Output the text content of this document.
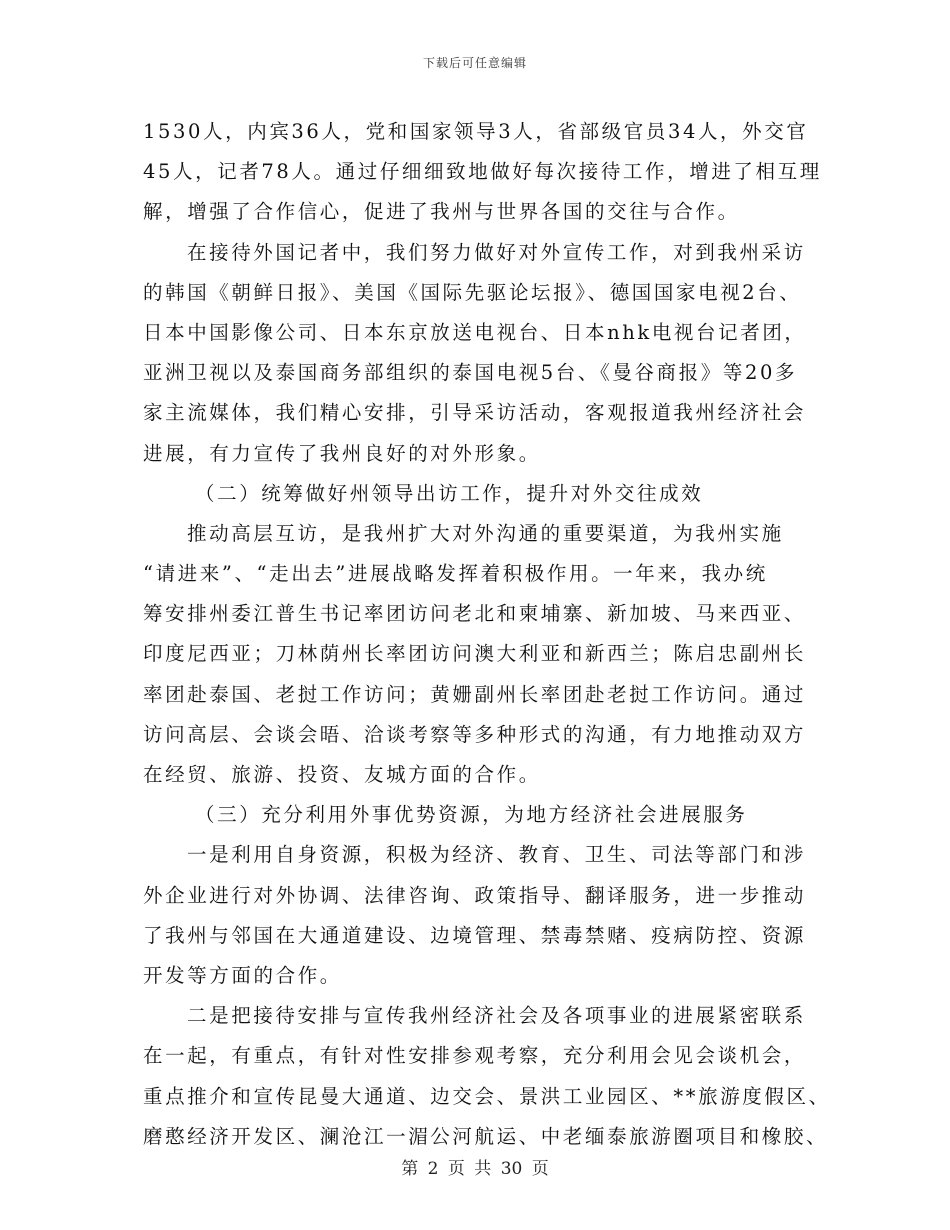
下载后可任意编辑
1530人，内宾36人，党和国家领导3人，省部级官员34人，外交官
45人，记者78人。通过仔细细致地做好每次接待工作，增进了相互理
解，增强了合作信心，促进了我州与世界各国的交往与合作。
在接待外国记者中，我们努力做好对外宣传工作，对到我州采访
的韩国《朝鲜日报》、美国《国际先驱论坛报》、德国国家电视2台、
日本中国影像公司、日本东京放送电视台、日本nhk电视台记者团，
亚洲卫视以及泰国商务部组织的泰国电视5台、《曼谷商报》等20多
家主流媒体，我们精心安排，引导采访活动，客观报道我州经济社会
进展，有力宣传了我州良好的对外形象。
（二）统筹做好州领导出访工作，提升对外交往成效
推动高层互访，是我州扩大对外沟通的重要渠道，为我州实施
“请进来”、“走出去”进展战略发挥着积极作用。一年来，我办统
筹安排州委江普生书记率团访问老北和柬埔寨、新加坡、马来西亚、
印度尼西亚；刀林荫州长率团访问澳大利亚和新西兰；陈启忠副州长
率团赴泰国、老挝工作访问；黄姗副州长率团赴老挝工作访问。通过
访问高层、会谈会晤、洽谈考察等多种形式的沟通，有力地推动双方
在经贸、旅游、投资、友城方面的合作。
（三）充分利用外事优势资源，为地方经济社会进展服务
一是利用自身资源，积极为经济、教育、卫生、司法等部门和涉
外企业进行对外协调、法律咨询、政策指导、翻译服务，进一步推动
了我州与邻国在大通道建设、边境管理、禁毒禁赌、疫病防控、资源
开发等方面的合作。
二是把接待安排与宣传我州经济社会及各项事业的进展紧密联系
在一起，有重点，有针对性安排参观考察，充分利用会见会谈机会，
重点推介和宣传昆曼大通道、边交会、景洪工业园区、**旅游度假区、
磨憨经济开发区、澜沧江一湄公河航运、中老缅泰旅游圈项目和橡胶、
第 2 页 共 30 页
